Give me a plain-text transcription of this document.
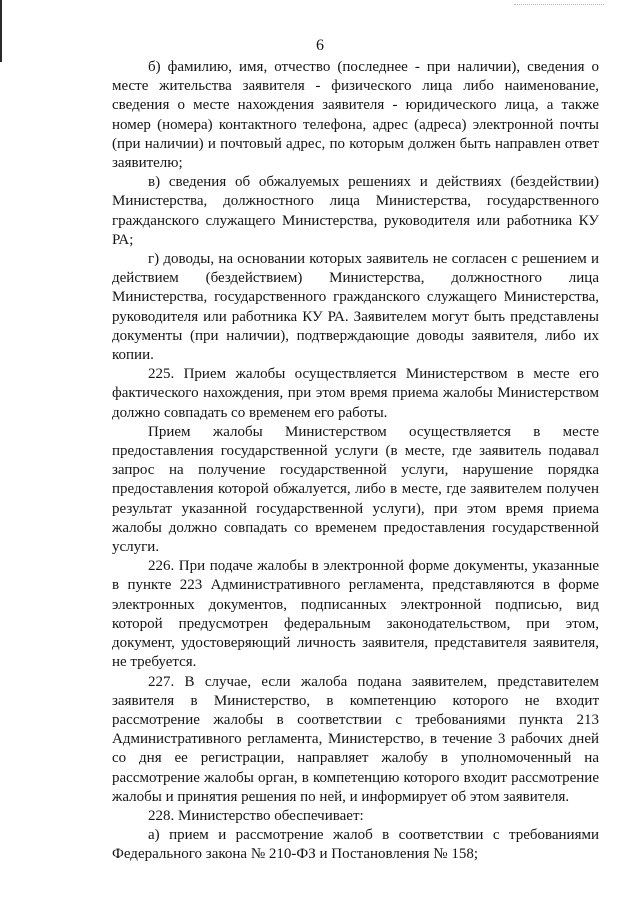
6

б) фамилию, имя, отчество (последнее - при наличии), сведения о месте жительства заявителя - физического лица либо наименование, сведения о месте нахождения заявителя - юридического лица, а также номер (номера) контактного телефона, адрес (адреса) электронной почты (при наличии) и почтовый адрес, по которым должен быть направлен ответ заявителю;

в) сведения об обжалуемых решениях и действиях (бездействии) Министерства, должностного лица Министерства, государственного гражданского служащего Министерства, руководителя или работника КУ РА;

г) доводы, на основании которых заявитель не согласен с решением и действием (бездействием) Министерства, должностного лица Министерства, государственного гражданского служащего Министерства, руководителя или работника КУ РА. Заявителем могут быть представлены документы (при наличии), подтверждающие доводы заявителя, либо их копии.

225. Прием жалобы осуществляется Министерством в месте его фактического нахождения, при этом время приема жалобы Министерством должно совпадать со временем его работы.

Прием жалобы Министерством осуществляется в месте предоставления государственной услуги (в месте, где заявитель подавал запрос на получение государственной услуги, нарушение порядка предоставления которой обжалуется, либо в месте, где заявителем получен результат указанной государственной услуги), при этом время приема жалобы должно совпадать со временем предоставления государственной услуги.

226. При подаче жалобы в электронной форме документы, указанные в пункте 223 Административного регламента, представляются в форме электронных документов, подписанных электронной подписью, вид которой предусмотрен федеральным законодательством, при этом, документ, удостоверяющий личность заявителя, представителя заявителя, не требуется.

227. В случае, если жалоба подана заявителем, представителем заявителя в Министерство, в компетенцию которого не входит рассмотрение жалобы в соответствии с требованиями пункта 213 Административного регламента, Министерство, в течение 3 рабочих дней со дня ее регистрации, направляет жалобу в уполномоченный на рассмотрение жалобы орган, в компетенцию которого входит рассмотрение жалобы и принятия решения по ней, и информирует об этом заявителя.

228. Министерство обеспечивает:

а) прием и рассмотрение жалоб в соответствии с требованиями Федерального закона № 210-ФЗ и Постановления № 158;
